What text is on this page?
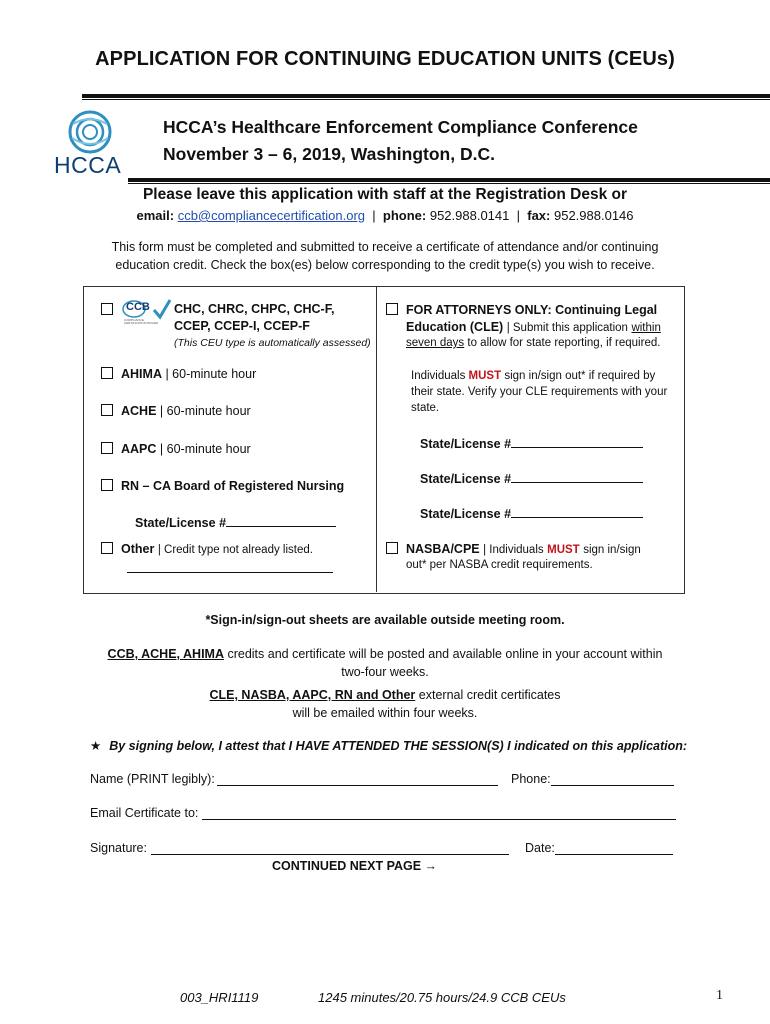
APPLICATION FOR CONTINUING EDUCATION UNITS (CEUs)
HCCA
HCCA’s Healthcare Enforcement Compliance Conference
November 3 – 6, 2019, Washington, D.C.
Please leave this application with staff at the Registration Desk or
email: ccb@compliancecertification.org | phone: 952.988.0141 | fax: 952.988.0146
This form must be completed and submitted to receive a certificate of attendance and/or continuing
education credit. Check the box(es) below corresponding to the credit type(s) you wish to receive.
CCB
COMPLIANCE CERTIFICATION BOARD
CHC, CHRC, CHPC, CHC-F,
CCEP, CCEP-I, CCEP-F
(This CEU type is automatically assessed)
AHIMA | 60-minute hour
ACHE | 60-minute hour
AAPC | 60-minute hour
RN – CA Board of Registered Nursing
State/License #
Other | Credit type not already listed.
FOR ATTORNEYS ONLY: Continuing Legal
Education (CLE) | Submit this application within
seven days to allow for state reporting, if required.
Individuals MUST sign in/sign out* if required by
their state. Verify your CLE requirements with your
state.
State/License #
State/License #
State/License #
NASBA/CPE | Individuals MUST sign in/sign
out* per NASBA credit requirements.
*Sign-in/sign-out sheets are available outside meeting room.
CCB, ACHE, AHIMA credits and certificate will be posted and available online in your account within
two-four weeks.
CLE, NASBA, AAPC, RN and Other external credit certificates
will be emailed within four weeks.
★ By signing below, I attest that I HAVE ATTENDED THE SESSION(S) I indicated on this application:
Name (PRINT legibly):	Phone:
Email Certificate to:
Signature:	Date:
CONTINUED NEXT PAGE →
003_HRI1119	1245 minutes/20.75 hours/24.9 CCB CEUs	1
